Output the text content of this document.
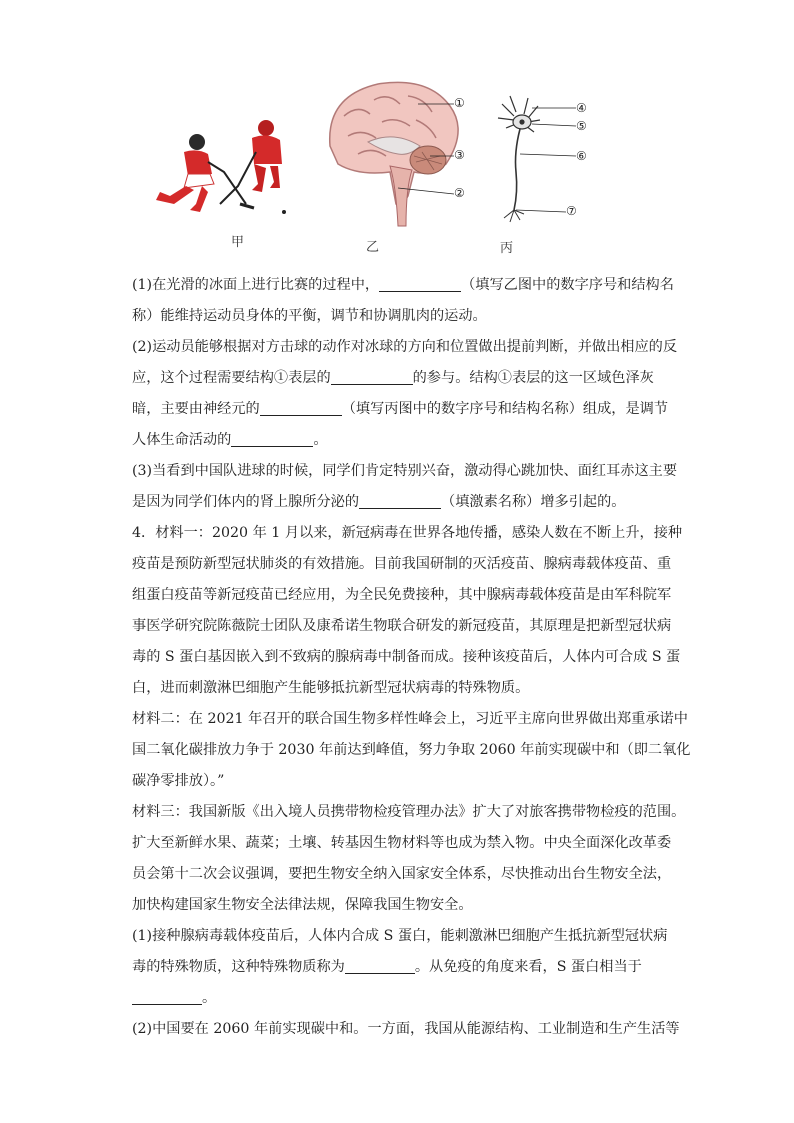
甲
①
③
②
乙
④
⑤
⑥
⑦
丙
(1)在光滑的冰面上进行比赛的过程中，	（填写乙图中的数字序号和结构名
称）能维持运动员身体的平衡，调节和协调肌肉的运动。
(2)运动员能够根据对方击球的动作对冰球的方向和位置做出提前判断，并做出相应的反
应，这个过程需要结构①表层的	的参与。结构①表层的这一区域色泽灰
暗，主要由神经元的	（填写丙图中的数字序号和结构名称）组成，是调节
人体生命活动的	。
(3)当看到中国队进球的时候，同学们肯定特别兴奋，激动得心跳加快、面红耳赤这主要
是因为同学们体内的肾上腺所分泌的	（填激素名称）增多引起的。
4．材料一：2020 年 1 月以来，新冠病毒在世界各地传播，感染人数在不断上升，接种
疫苗是预防新型冠状肺炎的有效措施。目前我国研制的灭活疫苗、腺病毒载体疫苗、重
组蛋白疫苗等新冠疫苗已经应用，为全民免费接种，其中腺病毒载体疫苗是由军科院军
事医学研究院陈薇院士团队及康希诺生物联合研发的新冠疫苗，其原理是把新型冠状病
毒的 S 蛋白基因嵌入到不致病的腺病毒中制备而成。接种该疫苗后，人体内可合成 S 蛋
白，进而刺激淋巴细胞产生能够抵抗新型冠状病毒的特殊物质。
材料二：在 2021 年召开的联合国生物多样性峰会上，习近平主席向世界做出郑重承诺中
国二氧化碳排放力争于 2030 年前达到峰值，努力争取 2060 年前实现碳中和（即二氧化
碳净零排放）。”
材料三：我国新版《出入境人员携带物检疫管理办法》扩大了对旅客携带物检疫的范围。
扩大至新鲜水果、蔬菜；土壤、转基因生物材料等也成为禁入物。中央全面深化改革委
员会第十二次会议强调，要把生物安全纳入国家安全体系，尽快推动出台生物安全法，
加快构建国家生物安全法律法规，保障我国生物安全。
(1)接种腺病毒载体疫苗后，人体内合成 S 蛋白，能刺激淋巴细胞产生抵抗新型冠状病
毒的特殊物质，这种特殊物质称为	。从免疫的角度来看，S 蛋白相当于
。
(2)中国要在 2060 年前实现碳中和。一方面，我国从能源结构、工业制造和生产生活等
